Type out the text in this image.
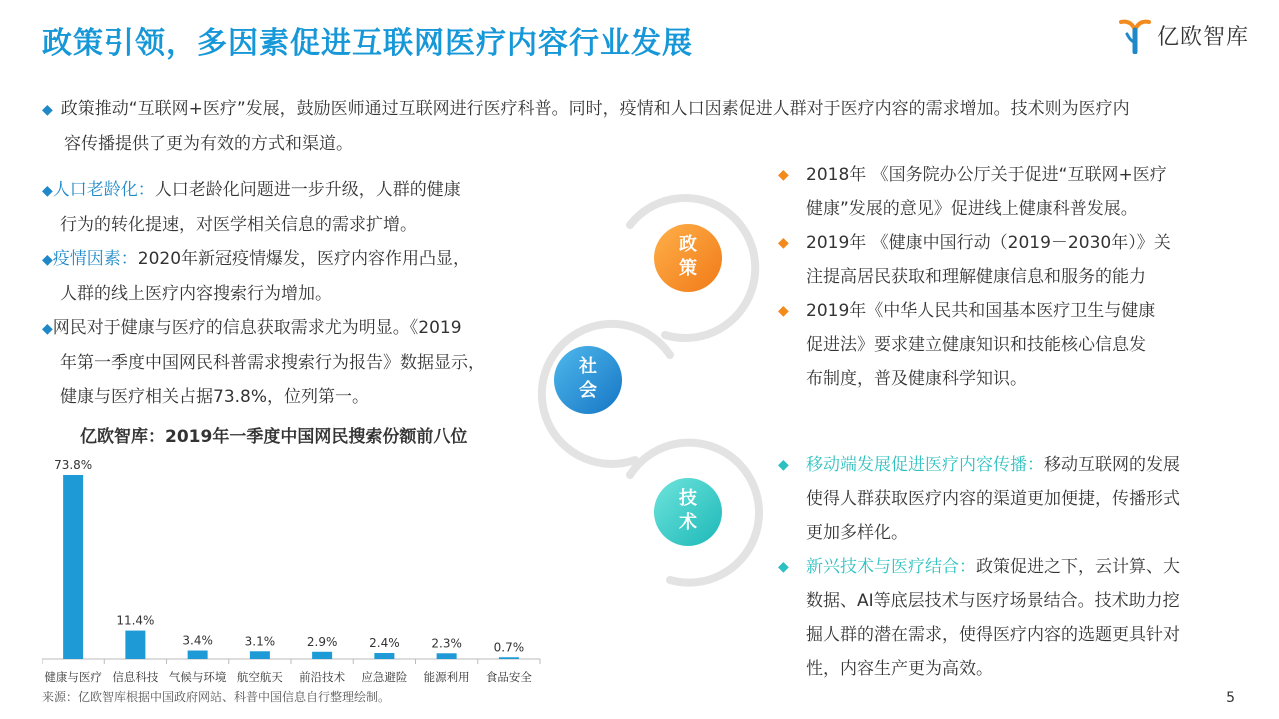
政策引领，多因素促进互联网医疗内容行业发展	亿欧智库
◆ 政策推动“互联网+医疗”发展，鼓励医师通过互联网进行医疗科普。同时，疫情和人口因素促进人群对于医疗内容的需求增加。技术则为医疗内
容传播提供了更为有效的方式和渠道。
◆人口老龄化：人口老龄化问题进一步升级，人群的健康
行为的转化提速，对医学相关信息的需求扩增。
◆疫情因素：2020年新冠疫情爆发，医疗内容作用凸显，
人群的线上医疗内容搜索行为增加。
◆网民对于健康与医疗的信息获取需求尤为明显。《2019
年第一季度中国网民科普需求搜索行为报告》数据显示，
健康与医疗相关占据73.8%，位列第一。
亿欧智库：2019年一季度中国网民搜索份额前八位
73.8%
健康与医疗
11.4%
信息科技
3.4%
气候与环境
3.1%
航空航天
2.9%
前沿技术
2.4%
应急避险
2.3%
能源利用
0.7%
食品安全
来源：亿欧智库根据中国政府网站、科普中国信息自行整理绘制。
政
策
社
会
技
术
◆	2018年 《国务院办公厅关于促进“互联网+医疗
健康”发展的意见》促进线上健康科普发展。
◆	2019年 《健康中国行动（2019－2030年）》关
注提高居民获取和理解健康信息和服务的能力
◆	2019年《中华人民共和国基本医疗卫生与健康
促进法》要求建立健康知识和技能核心信息发
布制度，普及健康科学知识。
◆	移动端发展促进医疗内容传播：移动互联网的发展
使得人群获取医疗内容的渠道更加便捷，传播形式
更加多样化。
◆	新兴技术与医疗结合：政策促进之下，云计算、大
数据、AI等底层技术与医疗场景结合。技术助力挖
掘人群的潜在需求，使得医疗内容的选题更具针对
性，内容生产更为高效。
5
